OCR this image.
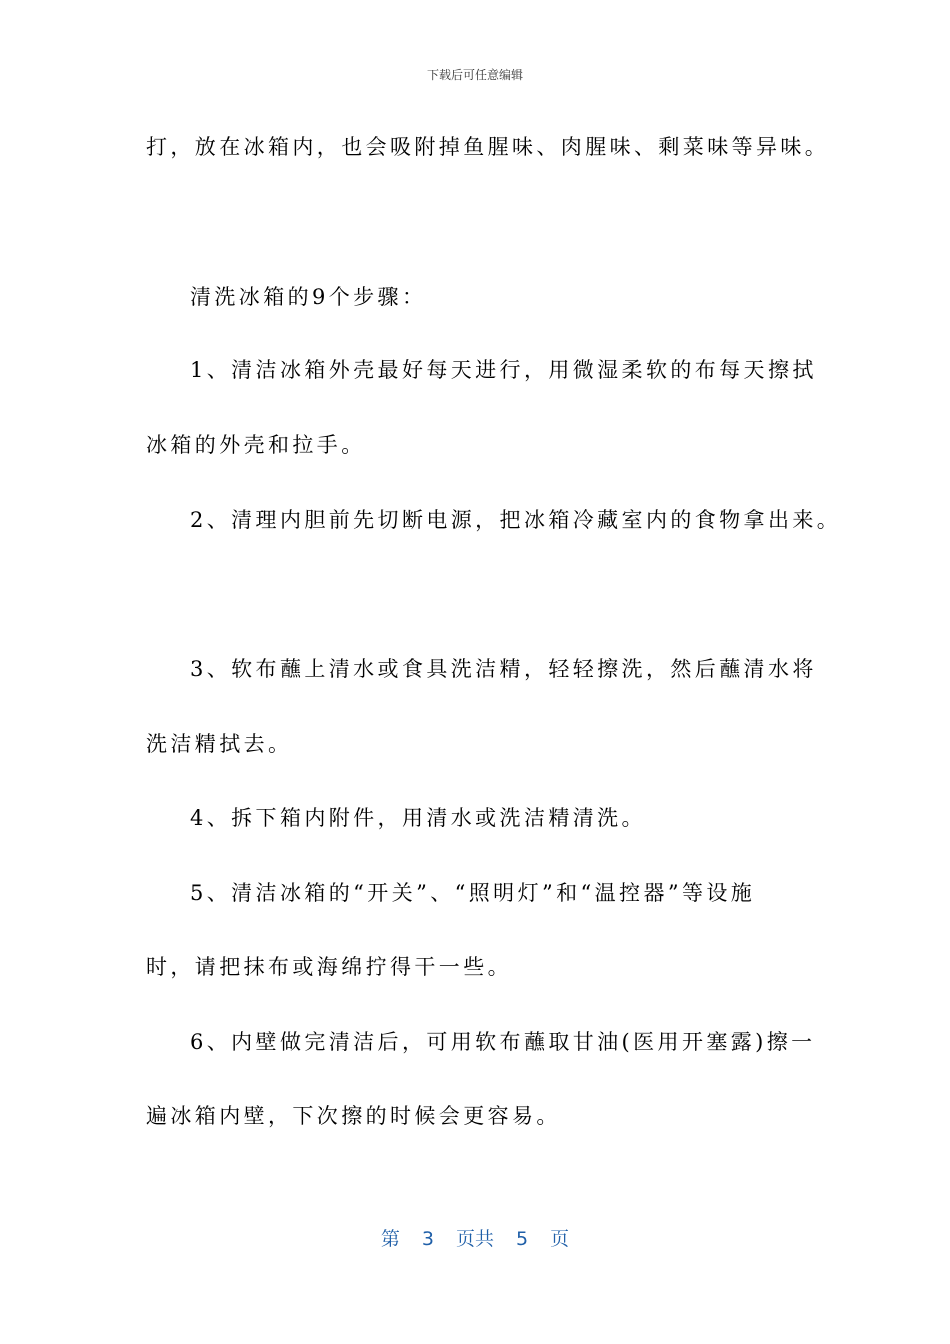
下载后可任意编辑
打，放在冰箱内，也会吸附掉鱼腥味、肉腥味、剩菜味等异味。
清洗冰箱的9个步骤：
1、清洁冰箱外壳最好每天进行，用微湿柔软的布每天擦拭
冰箱的外壳和拉手。
2、清理内胆前先切断电源，把冰箱冷藏室内的食物拿出来。
3、软布蘸上清水或食具洗洁精，轻轻擦洗，然后蘸清水将
洗洁精拭去。
4、拆下箱内附件，用清水或洗洁精清洗。
5、清洁冰箱的“开关”、“照明灯”和“温控器”等设施
时，请把抹布或海绵拧得干一些。
6、内壁做完清洁后，可用软布蘸取甘油(医用开塞露)擦一
遍冰箱内壁，下次擦的时候会更容易。
第 3 页共 5 页
